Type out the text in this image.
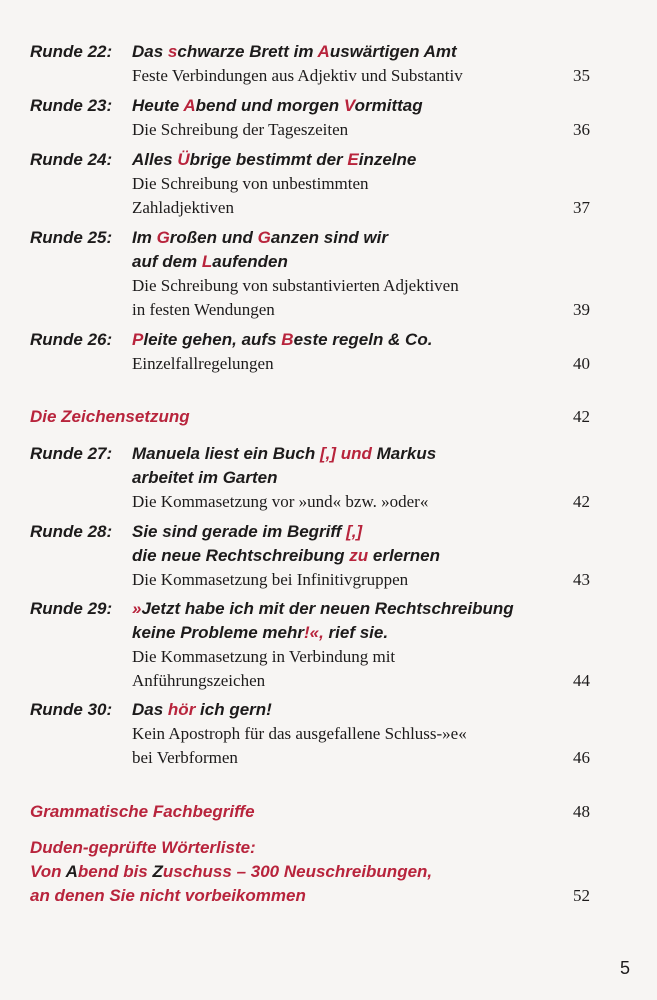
Runde 22: Das schwarze Brett im Auswärtigen Amt
Feste Verbindungen aus Adjektiv und Substantiv	35
Runde 23: Heute Abend und morgen Vormittag
Die Schreibung der Tageszeiten	36
Runde 24: Alles Übrige bestimmt der Einzelne
Die Schreibung von unbestimmten
Zahladjektiven	37
Runde 25: Im Großen und Ganzen sind wir
auf dem Laufenden
Die Schreibung von substantivierten Adjektiven
in festen Wendungen	39
Runde 26: Pleite gehen, aufs Beste regeln & Co.
Einzelfallregelungen	40
Die Zeichensetzung	42
Runde 27: Manuela liest ein Buch [,] und Markus
arbeitet im Garten
Die Kommasetzung vor »und« bzw. »oder«	42
Runde 28: Sie sind gerade im Begriff [,]
die neue Rechtschreibung zu erlernen
Die Kommasetzung bei Infinitivgruppen	43
Runde 29: »Jetzt habe ich mit der neuen Rechtschreibung
keine Probleme mehr!«, rief sie.
Die Kommasetzung in Verbindung mit
Anführungszeichen	44
Runde 30: Das hör ich gern!
Kein Apostroph für das ausgefallene Schluss-»e«
bei Verbformen	46
Grammatische Fachbegriffe	48
Duden-geprüfte Wörterliste:
Von Abend bis Zuschuss – 300 Neuschreibungen,
an denen Sie nicht vorbeikommen	52
5
